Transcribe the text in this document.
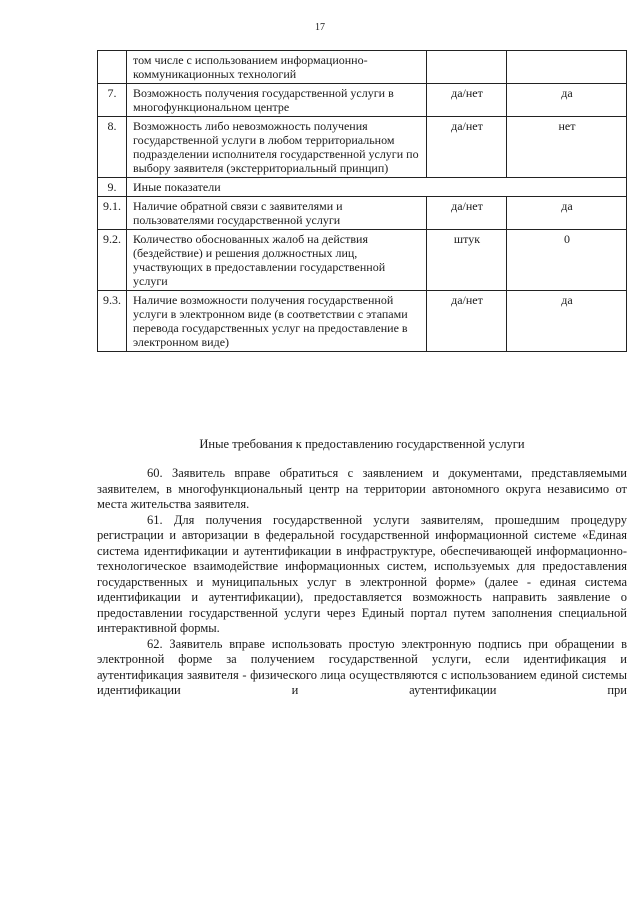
17
	том числе с использованием информационно-коммуникационных технологий		
7.	Возможность получения государственной услуги в многофункциональном центре	да/нет	да
8.	Возможность либо невозможность получения государственной услуги в любом территориальном подразделении исполнителя государственной услуги по выбору заявителя (экстерриториальный принцип)	да/нет	нет
9.	Иные показатели		
9.1.	Наличие обратной связи с заявителями и пользователями государственной услуги	да/нет	да
9.2.	Количество обоснованных жалоб на действия (бездействие) и решения должностных лиц, участвующих в предоставлении государственной услуги	штук	0
9.3.	Наличие возможности получения государственной услуги в электронном виде (в соответствии с этапами перевода государственных услуг на предоставление в электронном виде)	да/нет	да
Иные требования к предоставлению государственной услуги

60. Заявитель вправе обратиться с заявлением и документами, представляемыми заявителем, в многофункциональный центр на территории автономного округа независимо от места жительства заявителя.

61. Для получения государственной услуги заявителям, прошедшим процедуру регистрации и авторизации в федеральной государственной информационной системе «Единая система идентификации и аутентификации в инфраструктуре, обеспечивающей информационно-технологическое взаимодействие информационных систем, используемых для предоставления государственных и муниципальных услуг в электронной форме» (далее - единая система идентификации и аутентификации), предоставляется возможность направить заявление о предоставлении государственной услуги через Единый портал путем заполнения специальной интерактивной формы.

62. Заявитель вправе использовать простую электронную подпись при обращении в электронной форме за получением государственной услуги, если идентификация и аутентификация заявителя - физического лица осуществляются с использованием единой системы идентификации и аутентификации при
